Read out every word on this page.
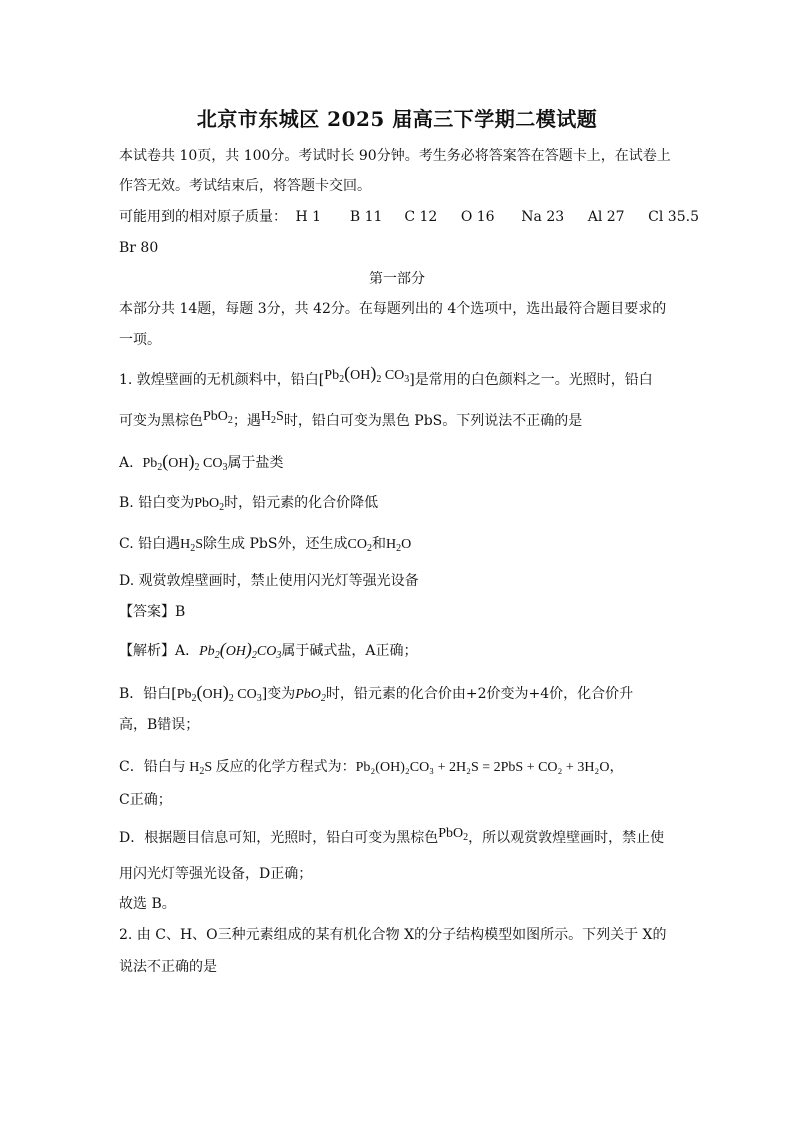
北京市东城区 2025 届高三下学期二模试题
本试卷共 10页，共 100分。考试时长 90分钟。考生务必将答案答在答题卡上，在试卷上
作答无效。考试结束后，将答题卡交回。
可能用到的相对原子质量： H 1 B 11 C 12 O 16 Na 23 Al 27 Cl 35.5
Br 80
第一部分
本部分共 14题，每题 3分，共 42分。在每题列出的 4个选项中，选出最符合题目要求的
一项。
1. 敦煌壁画的无机颜料中，铅白[$Pb_2(OH)_2$ $CO_3$]是常用的白色颜料之一。光照时，铅白
可变为黑棕色PbO$_2$；遇$H_2S$时，铅白可变为黑色 PbS。下列说法不正确的是
A. $Pb_2(OH)_2$ $CO_3$属于盐类
B. 铅白变为PbO$_2$时，铅元素的化合价降低
C. 铅白遇$H_2S$除生成 PbS外，还生成$CO_2$和$H_2O$
D. 观赏敦煌壁画时，禁止使用闪光灯等强光设备
【答案】B
【解析】A．$Pb_2(OH)_2CO_3$属于碱式盐，A正确；
B．铅白[$Pb_2(OH)_2$ $CO_3$]变为PbO$_2$时，铅元素的化合价由+2价变为+4价，化合价升
高，B错误；
C．铅白与 $H_2S$ 反应的化学方程式为：Pb₂(OH)₂CO₃ + 2H₂S = 2PbS + CO₂ + 3H₂O，
C正确；
D．根据题目信息可知，光照时，铅白可变为黑棕色PbO$_2$，所以观赏敦煌壁画时，禁止使
用闪光灯等强光设备，D正确；
故选 B。
2. 由 C、H、O三种元素组成的某有机化合物 X的分子结构模型如图所示。下列关于 X的
说法不正确的是
